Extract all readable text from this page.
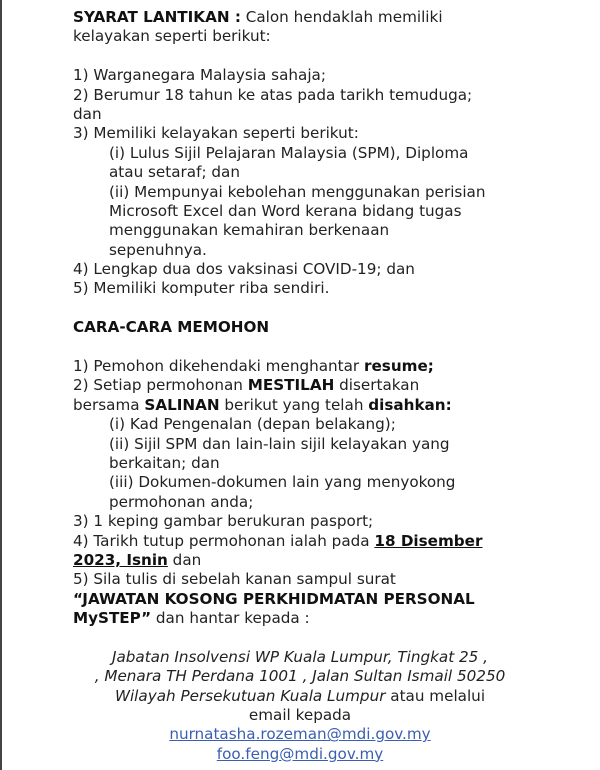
SYARAT LANTIKAN : Calon hendaklah memiliki
kelayakan seperti berikut:
1) Warganegara Malaysia sahaja;
2) Berumur 18 tahun ke atas pada tarikh temuduga;
dan
3) Memiliki kelayakan seperti berikut:
(i) Lulus Sijil Pelajaran Malaysia (SPM), Diploma
atau setaraf; dan
(ii) Mempunyai kebolehan menggunakan perisian
Microsoft Excel dan Word kerana bidang tugas
menggunakan kemahiran berkenaan
sepenuhnya.
4) Lengkap dua dos vaksinasi COVID-19; dan
5) Memiliki komputer riba sendiri.
CARA-CARA MEMOHON
1) Pemohon dikehendaki menghantar resume;
2) Setiap permohonan MESTILAH disertakan
bersama SALINAN berikut yang telah disahkan:
(i) Kad Pengenalan (depan belakang);
(ii) Sijil SPM dan lain-lain sijil kelayakan yang
berkaitan; dan
(iii) Dokumen-dokumen lain yang menyokong
permohonan anda;
3) 1 keping gambar berukuran pasport;
4) Tarikh tutup permohonan ialah pada 18 Disember
2023, Isnin dan
5) Sila tulis di sebelah kanan sampul surat
“JAWATAN KOSONG PERKHIDMATAN PERSONAL
MySTEP” dan hantar kepada :
Jabatan Insolvensi WP Kuala Lumpur, Tingkat 25 ,
, Menara TH Perdana 1001 , Jalan Sultan Ismail 50250
Wilayah Persekutuan Kuala Lumpur atau melalui
email kepada
nurnatasha.rozeman@mdi.gov.my
foo.feng@mdi.gov.my
